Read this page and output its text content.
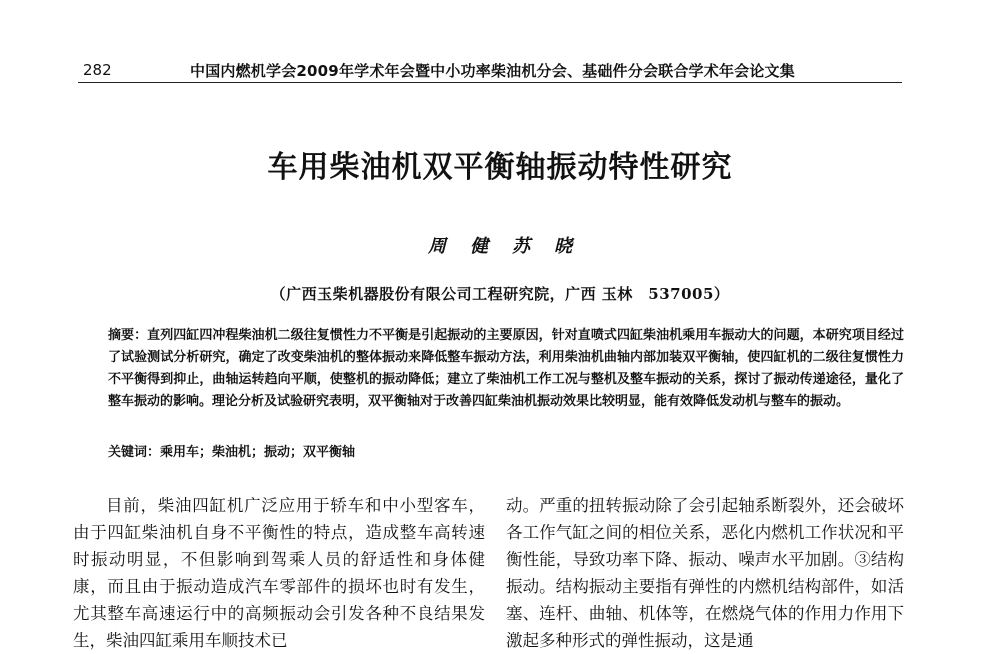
282	中国内燃机学会2009年学术年会暨中小功率柴油机分会、基础件分会联合学术年会论文集
车用柴油机双平衡轴振动特性研究
周 健 苏 晓
（广西玉柴机器股份有限公司工程研究院，广西 玉林　537005）
摘要：直列四缸四冲程柴油机二级往复惯性力不平衡是引起振动的主要原因，针对直喷式四缸柴油机乘用车振动大的问题，本研究项目经过了试验测试分析研究，确定了改变柴油机的整体振动来降低整车振动方法，利用柴油机曲轴内部加装双平衡轴，使四缸机的二级往复惯性力不平衡得到抑止，曲轴运转趋向平顺，使整机的振动降低；建立了柴油机工作工况与整机及整车振动的关系，探讨了振动传递途径，量化了整车振动的影响。理论分析及试验研究表明，双平衡轴对于改善四缸柴油机振动效果比较明显，能有效降低发动机与整车的振动。
关键词：乘用车；柴油机；振动；双平衡轴
目前，柴油四缸机广泛应用于轿车和中小型客车，由于四缸柴油机自身不平衡性的特点，造成整车高转速时振动明显，不但影响到驾乘人员的舒适性和身体健康，而且由于振动造成汽车零部件的损坏也时有发生，尤其整车高速运行中的高频振动会引发各种不良结果发生，柴油四缸乘用车顺技术已
动。严重的扭转振动除了会引起轴系断裂外，还会破坏各工作气缸之间的相位关系，恶化内燃机工作状况和平衡性能，导致功率下降、振动、噪声水平加剧。③结构振动。结构振动主要指有弹性的内燃机结构部件，如活塞、连杆、曲轴、机体等，在燃烧气体的作用力作用下激起多种形式的弹性振动，这是通
